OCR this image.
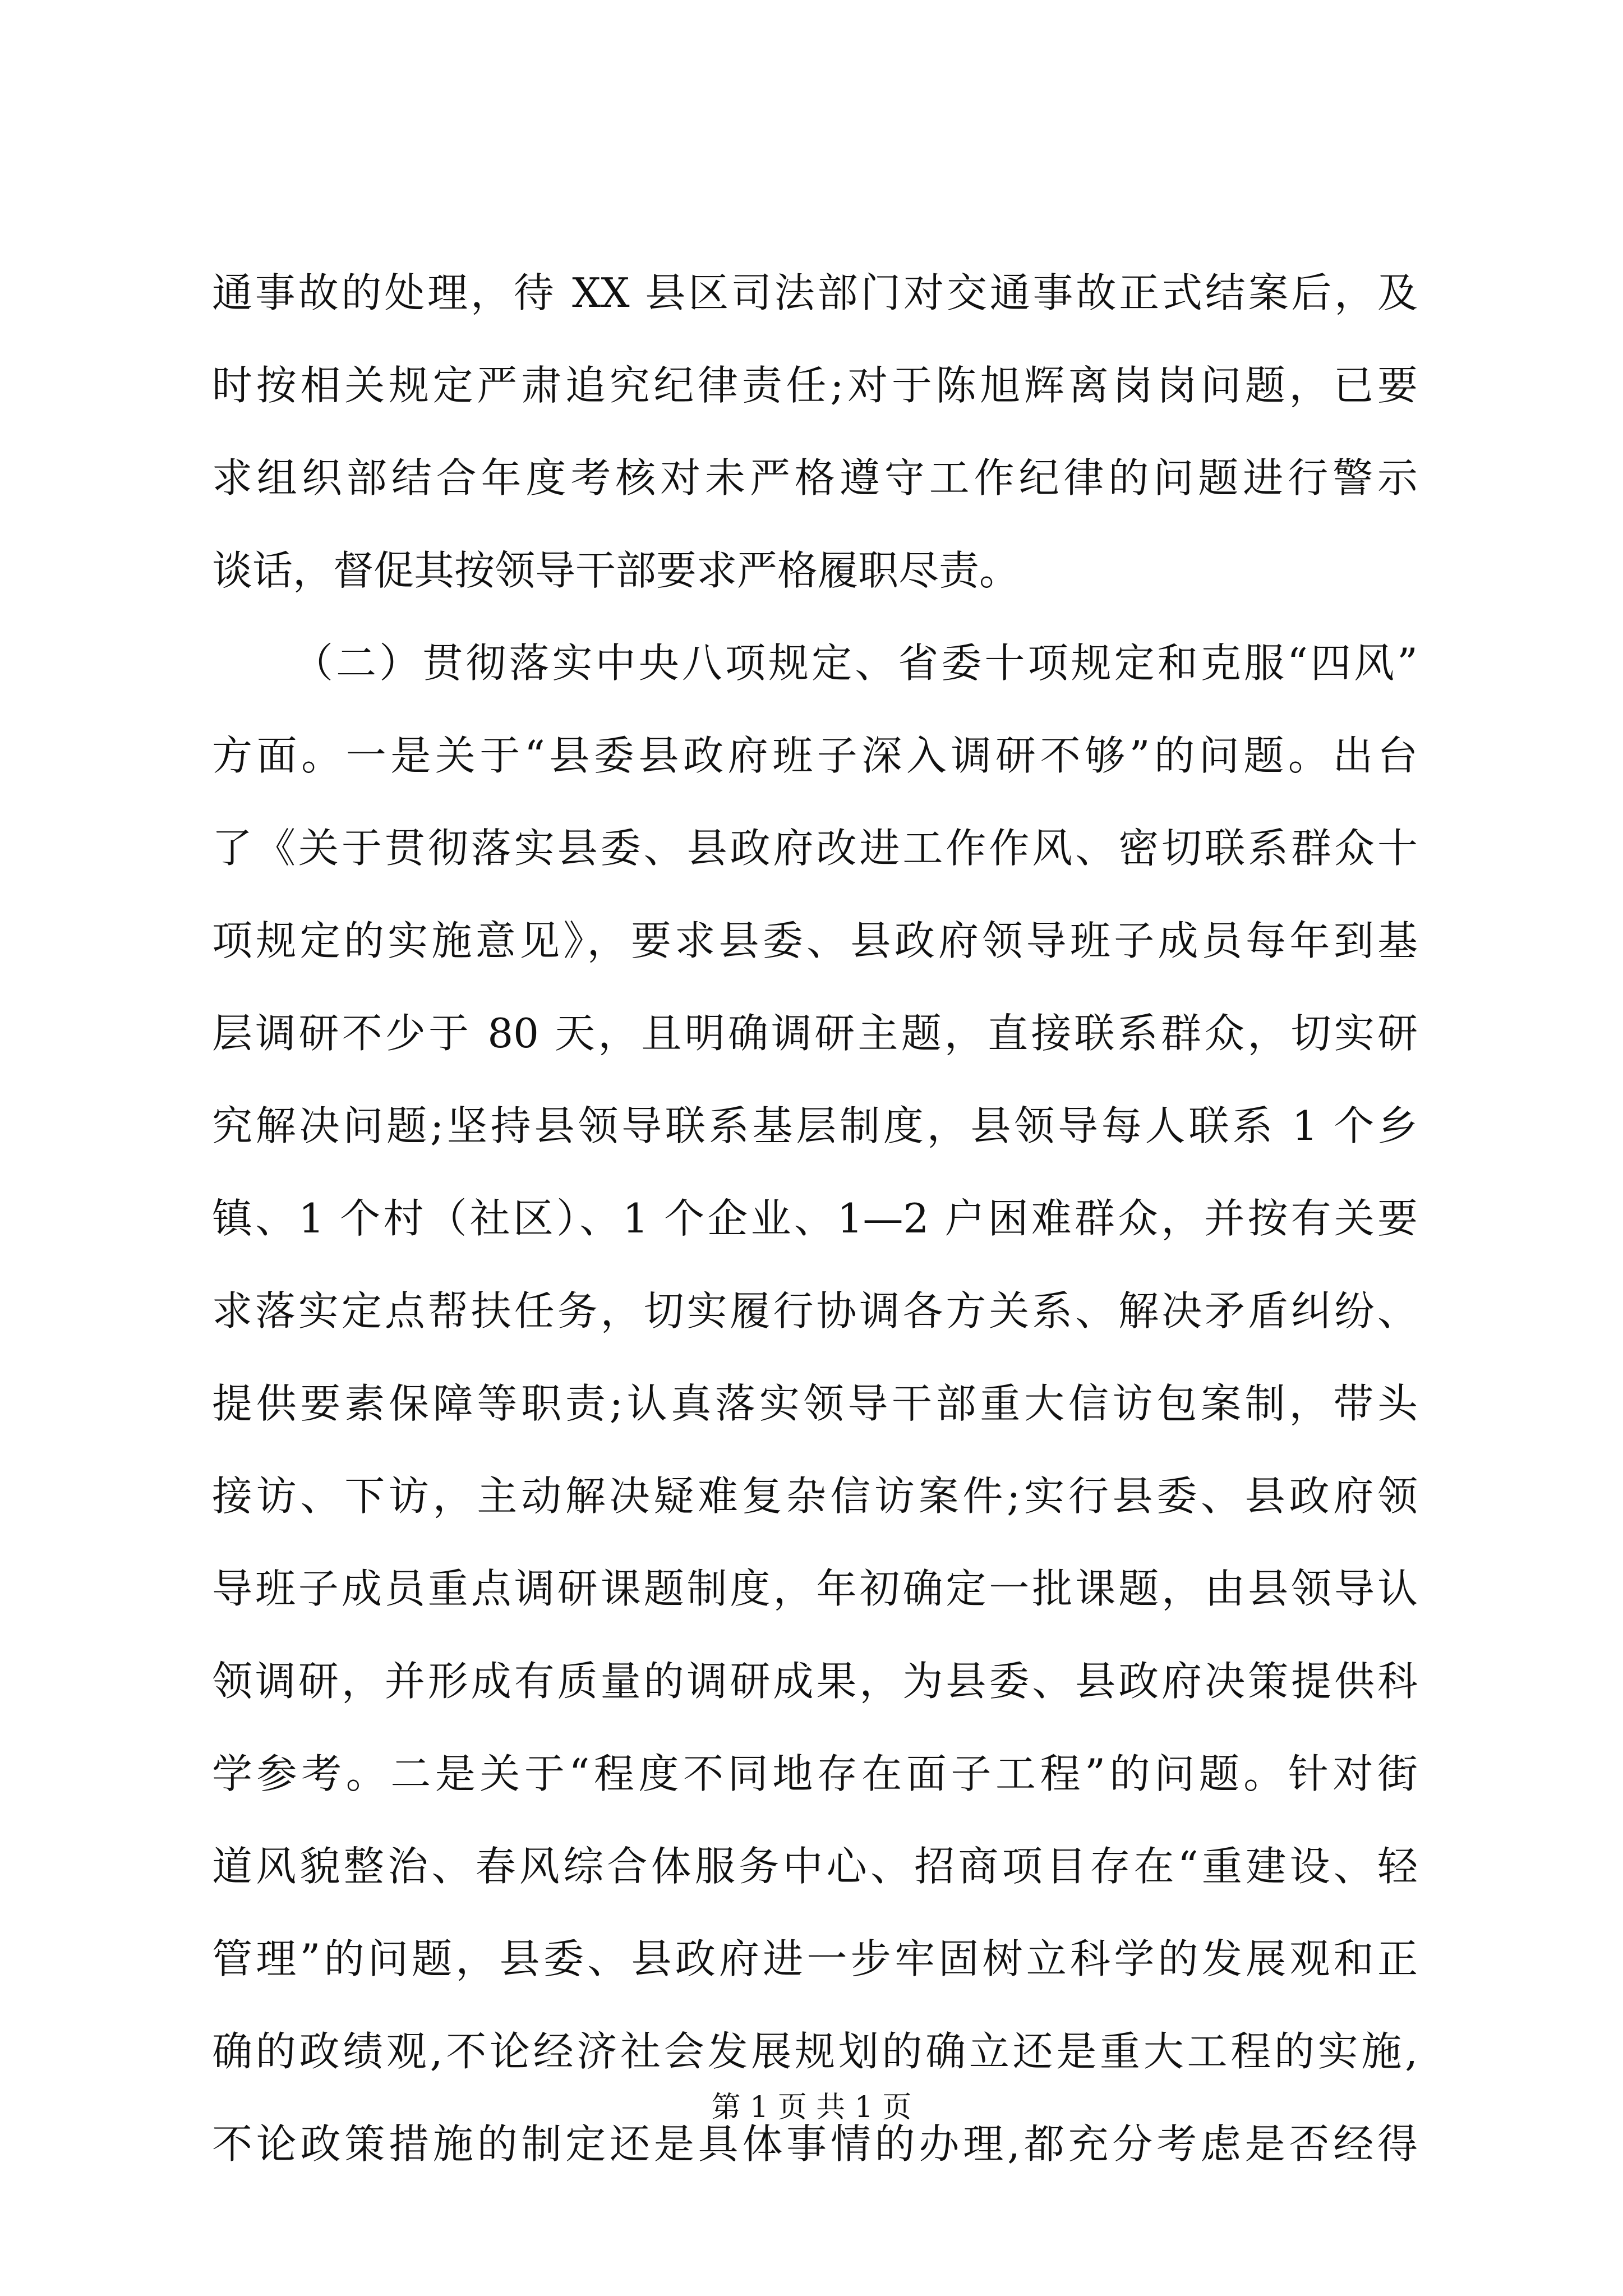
通事故的处理，待 XX 县区司法部门对交通事故正式结案后，及
时按相关规定严肃追究纪律责任;对于陈旭辉离岗岗问题，已要
求组织部结合年度考核对未严格遵守工作纪律的问题进行警示
谈话，督促其按领导干部要求严格履职尽责。
（二）贯彻落实中央八项规定、省委十项规定和克服“四风”
方面。一是关于“县委县政府班子深入调研不够”的问题。出台
了《关于贯彻落实县委、县政府改进工作作风、密切联系群众十
项规定的实施意见》，要求县委、县政府领导班子成员每年到基
层调研不少于 80 天，且明确调研主题，直接联系群众，切实研
究解决问题;坚持县领导联系基层制度，县领导每人联系 1 个乡
镇、1 个村（社区）、1 个企业、1—2 户困难群众，并按有关要
求落实定点帮扶任务，切实履行协调各方关系、解决矛盾纠纷、
提供要素保障等职责;认真落实领导干部重大信访包案制，带头
接访、下访，主动解决疑难复杂信访案件;实行县委、县政府领
导班子成员重点调研课题制度，年初确定一批课题，由县领导认
领调研，并形成有质量的调研成果，为县委、县政府决策提供科
学参考。二是关于“程度不同地存在面子工程”的问题。针对街
道风貌整治、春风综合体服务中心、招商项目存在“重建设、轻
管理”的问题，县委、县政府进一步牢固树立科学的发展观和正
确的政绩观,不论经济社会发展规划的确立还是重大工程的实施,
不论政策措施的制定还是具体事情的办理,都充分考虑是否经得
第 1 页 共 1 页
